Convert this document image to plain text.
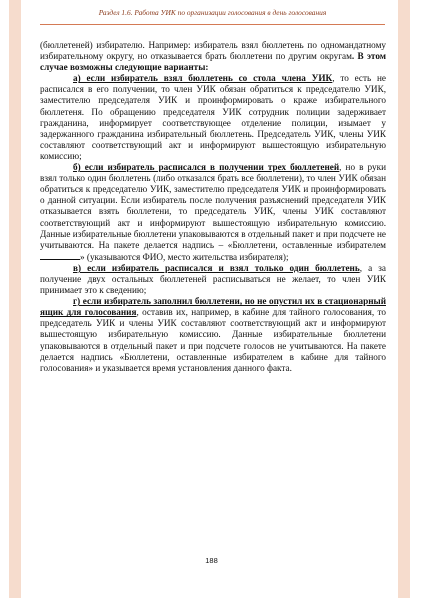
Раздел 1.6. Работа УИК по организации голосования в день голосования

(бюллетеней) избирателю. Например: избиратель взял бюллетень по одномандатному избирательному округу, но отказывается брать бюллетени по другим округам. В этом случае возможны следующие варианты:

а) если избиратель взял бюллетень со стола члена УИК, то есть не расписался в его получении, то член УИК обязан обратиться к председателю УИК, заместителю председателя УИК и проинформировать о краже избирательного бюллетеня. По обращению председателя УИК сотрудник полиции задерживает гражданина, информирует соответствующее отделение полиции, изымает у задержанного гражданина избирательный бюллетень. Председатель УИК, члены УИК составляют соответствующий акт и информируют вышестоящую избирательную комиссию;

б) если избиратель расписался в получении трех бюллетеней, но в руки взял только один бюллетень (либо отказался брать все бюллетени), то член УИК обязан обратиться к председателю УИК, заместителю председателя УИК и проинформировать о данной ситуации. Если избиратель после получения разъяснений председателя УИК отказывается взять бюллетени, то председатель УИК, члены УИК составляют соответствующий акт и информируют вышестоящую избирательную комиссию. Данные избирательные бюллетени упаковываются в отдельный пакет и при подсчете не учитываются. На пакете делается надпись – «Бюллетени, оставленные избирателем » (указываются ФИО, место жительства избирателя);

в) если избиратель расписался и взял только один бюллетень, а за получение двух остальных бюллетеней расписываться не желает, то член УИК принимает это к сведению;

г) если избиратель заполнил бюллетени, но не опустил их в стационарный ящик для голосования, оставив их, например, в кабине для тайного голосования, то председатель УИК и члены УИК составляют соответствующий акт и информируют вышестоящую избирательную комиссию. Данные избирательные бюллетени упаковываются в отдельный пакет и при подсчете голосов не учитываются. На пакете делается надпись «Бюллетени, оставленные избирателем в кабине для тайного голосования» и указывается время установления данного факта.

188
